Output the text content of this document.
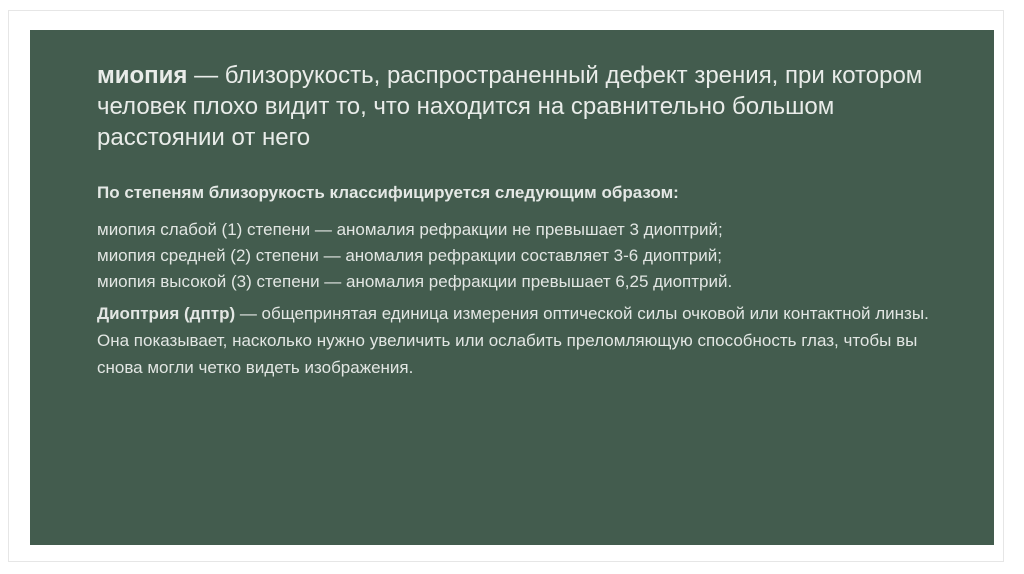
миопия — близорукость, распространенный дефект зрения, при котором человек плохо видит то, что находится на сравнительно большом расстоянии от него

По степеням близорукость классифицируется следующим образом:

миопия слабой (1) степени — аномалия рефракции не превышает 3 диоптрий;
миопия средней (2) степени — аномалия рефракции составляет 3-6 диоптрий;
миопия высокой (3) степени — аномалия рефракции превышает 6,25 диоптрий.

Диоптрия (дптр) — общепринятая единица измерения оптической силы очковой или контактной линзы. Она показывает, насколько нужно увеличить или ослабить преломляющую способность глаз, чтобы вы снова могли четко видеть изображения.
